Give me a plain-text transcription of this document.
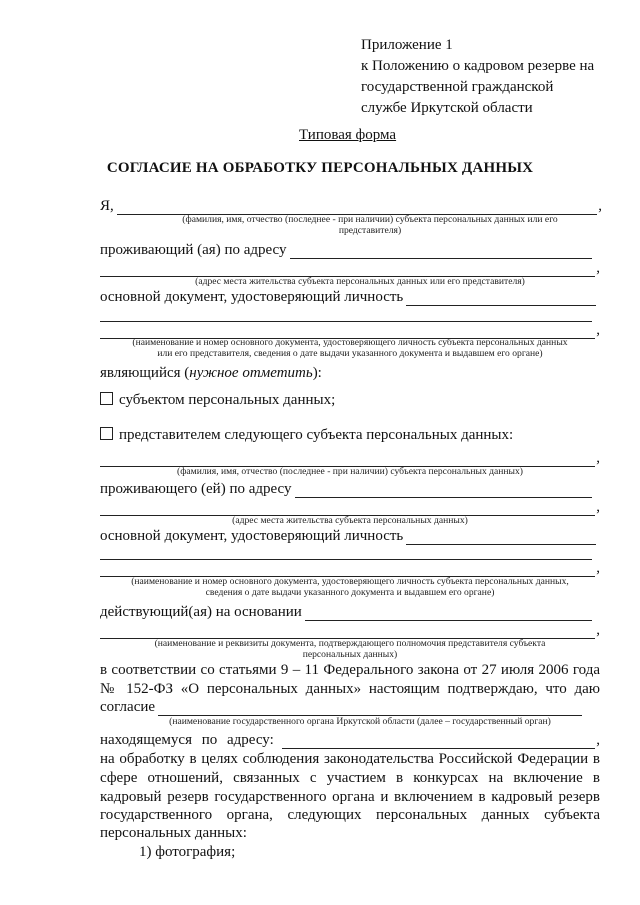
Приложение 1
к Положению о кадровом резерве на
государственной гражданской
службе Иркутской области
Типовая форма
СОГЛАСИЕ НА ОБРАБОТКУ ПЕРСОНАЛЬНЫХ ДАННЫХ
Я,	,
(фамилия, имя, отчество (последнее - при наличии) субъекта персональных данных или его
представителя)
проживающий (ая) по адресу
,
(адрес места жительства субъекта персональных данных или его представителя)
основной документ, удостоверяющий личность
,
(наименование и номер основного документа, удостоверяющего личность субъекта персональных данных
или его представителя, сведения о дате выдачи указанного документа и выдавшем его органе)
являющийся (нужное отметить):
субъектом персональных данных;
представителем следующего субъекта персональных данных:
,
(фамилия, имя, отчество (последнее - при наличии) субъекта персональных данных)
проживающего (ей) по адресу
,
(адрес места жительства субъекта персональных данных)
основной документ, удостоверяющий личность
,
(наименование и номер основного документа, удостоверяющего личность субъекта персональных данных,
сведения о дате выдачи указанного документа и выдавшем его органе)
действующий(ая) на основании
,
(наименование и реквизиты документа, подтверждающего полномочия представителя субъекта
персональных данных)
в соответствии со статьями 9 – 11 Федерального закона от 27 июля 2006 года
№ 152-ФЗ «О персональных данных» настоящим подтверждаю, что даю
согласие
(наименование государственного органа Иркутской области (далее – государственный орган)
находящемуся по адресу:	,
на обработку в целях соблюдения законодательства Российской Федерации в
сфере отношений, связанных с участием в конкурсах на включение в
кадровый резерв государственного органа и включением в кадровый резерв
государственного органа, следующих персональных данных субъекта
персональных данных:
1) фотография;
